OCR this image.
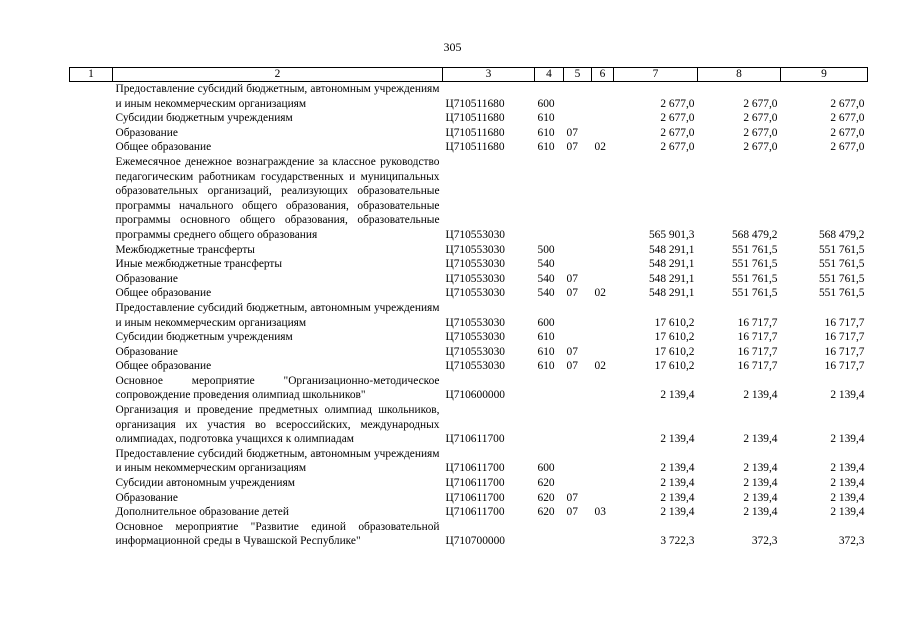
305
1	2	3	4	5	6	7	8	9
	Предоставление субсидий бюджетным, автономным учреждениям и иным некоммерческим организациям	Ц710511680	600			2 677,0	2 677,0	2 677,0
	Субсидии бюджетным учреждениям	Ц710511680	610			2 677,0	2 677,0	2 677,0
	Образование	Ц710511680	610	07		2 677,0	2 677,0	2 677,0
	Общее образование	Ц710511680	610	07	02	2 677,0	2 677,0	2 677,0
	Ежемесячное денежное вознаграждение за классное руководство педагогическим работникам государственных и муниципальных образовательных организаций, реализующих образовательные программы начального общего образования, образовательные программы основного общего образования, образовательные программы среднего общего образования	Ц710553030				565 901,3	568 479,2	568 479,2
	Межбюджетные трансферты	Ц710553030	500			548 291,1	551 761,5	551 761,5
	Иные межбюджетные трансферты	Ц710553030	540			548 291,1	551 761,5	551 761,5
	Образование	Ц710553030	540	07		548 291,1	551 761,5	551 761,5
	Общее образование	Ц710553030	540	07	02	548 291,1	551 761,5	551 761,5
	Предоставление субсидий бюджетным, автономным учреждениям и иным некоммерческим организациям	Ц710553030	600			17 610,2	16 717,7	16 717,7
	Субсидии бюджетным учреждениям	Ц710553030	610			17 610,2	16 717,7	16 717,7
	Образование	Ц710553030	610	07		17 610,2	16 717,7	16 717,7
	Общее образование	Ц710553030	610	07	02	17 610,2	16 717,7	16 717,7
	Основное мероприятие "Организационно-методическое сопровождение проведения олимпиад школьников"	Ц710600000				2 139,4	2 139,4	2 139,4
	Организация и проведение предметных олимпиад школьников, организация их участия во всероссийских, международных олимпиадах, подготовка учащихся к олимпиадам	Ц710611700				2 139,4	2 139,4	2 139,4
	Предоставление субсидий бюджетным, автономным учреждениям и иным некоммерческим организациям	Ц710611700	600			2 139,4	2 139,4	2 139,4
	Субсидии автономным учреждениям	Ц710611700	620			2 139,4	2 139,4	2 139,4
	Образование	Ц710611700	620	07		2 139,4	2 139,4	2 139,4
	Дополнительное образование детей	Ц710611700	620	07	03	2 139,4	2 139,4	2 139,4
	Основное мероприятие "Развитие единой образовательной информационной среды в Чувашской Республике"	Ц710700000				3 722,3	372,3	372,3
